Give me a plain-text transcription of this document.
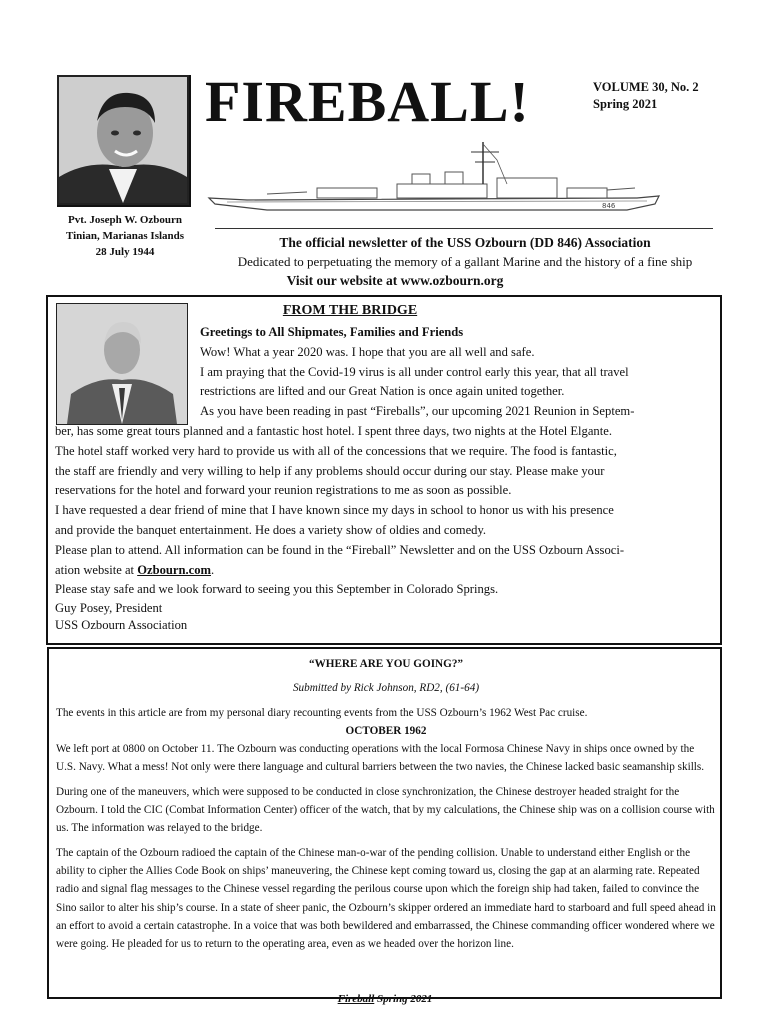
Pvt. Joseph W. Ozbourn
Tinian, Marianas Islands
28 July 1944
FIREBALL!	VOLUME 30, No. 2
Spring 2021
846
The official newsletter of the USS Ozbourn (DD 846) Association
Dedicated to perpetuating the memory of a gallant Marine and the history of a fine ship
Visit our website at www.ozbourn.org
FROM THE BRIDGE

Greetings to All Shipmates, Families and Friends

Wow! What a year 2020 was. I hope that you are all well and safe.

I am praying that the Covid-19 virus is all under control early this year, that all travel

restrictions are lifted and our Great Nation is once again united together.

As you have been reading in past “Fireballs”, our upcoming 2021 Reunion in Septem-

ber, has some great tours planned and a fantastic host hotel. I spent three days, two nights at the Hotel Elgante.

The hotel staff worked very hard to provide us with all of the concessions that we require. The food is fantastic,

the staff are friendly and very willing to help if any problems should occur during our stay. Please make your

reservations for the hotel and forward your reunion registrations to me as soon as possible.

I have requested a dear friend of mine that I have known since my days in school to honor us with his presence

and provide the banquet entertainment. He does a variety show of oldies and comedy.

Please plan to attend. All information can be found in the “Fireball” Newsletter and on the USS Ozbourn Associ-

ation website at Ozbourn.com.

Please stay safe and we look forward to seeing you this September in Colorado Springs.

Guy Posey, President

USS Ozbourn Association

“WHERE ARE YOU GOING?”

Submitted by Rick Johnson, RD2, (61-64)

The events in this article are from my personal diary recounting events from the USS Ozbourn’s 1962 West Pac cruise.

OCTOBER 1962

We left port at 0800 on October 11. The Ozbourn was conducting operations with the local Formosa Chinese Navy in ships once owned by the U.S. Navy. What a mess! Not only were there language and cultural barriers between the two navies, the Chinese lacked basic seamanship skills.

During one of the maneuvers, which were supposed to be conducted in close synchronization, the Chinese destroyer headed straight for the Ozbourn. I told the CIC (Combat Information Center) officer of the watch, that by my calculations, the Chinese ship was on a collision course with us. The information was relayed to the bridge.

The captain of the Ozbourn radioed the captain of the Chinese man-o-war of the pending collision. Unable to understand either English or the ability to cipher the Allies Code Book on ships’ maneuvering, the Chinese kept coming toward us, closing the gap at an alarming rate. Repeated radio and signal flag messages to the Chinese vessel regarding the perilous course upon which the foreign ship had taken, failed to convince the Sino sailor to alter his ship’s course. In a state of sheer panic, the Ozbourn’s skipper ordered an immediate hard to starboard and full speed ahead in an effort to avoid a certain catastrophe. In a voice that was both bewildered and embarrassed, the Chinese commanding officer wondered where we were going. He pleaded for us to return to the operating area, even as we headed over the horizon line.

Fireball Spring 2021
